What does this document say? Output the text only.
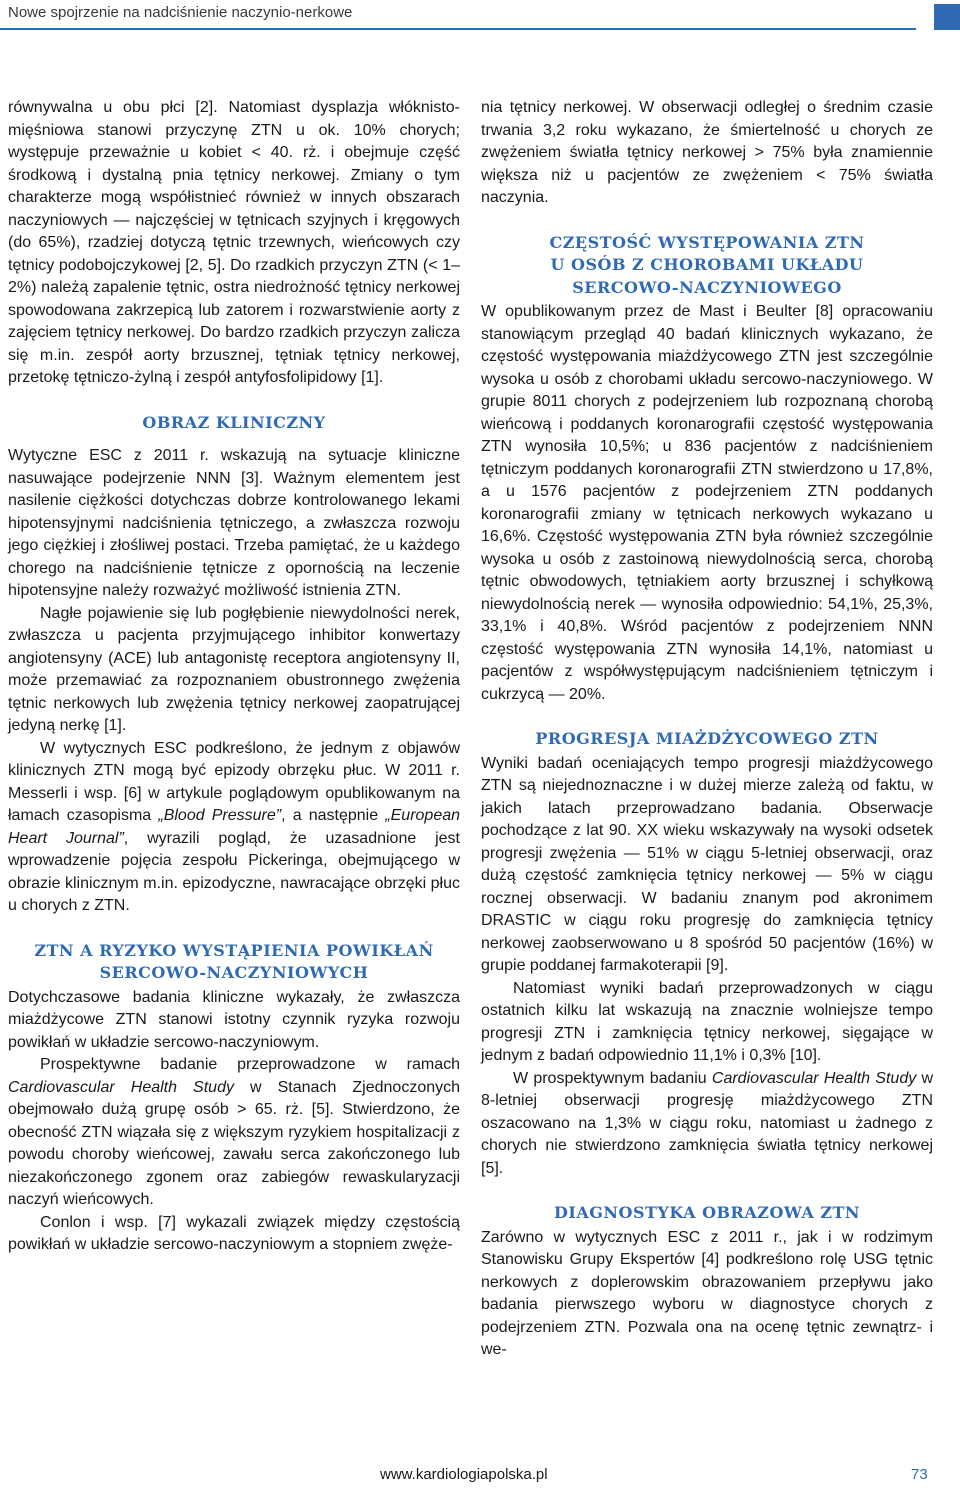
Nowe spojrzenie na nadciśnienie naczynio-nerkowe

równywalna u obu płci [2]. Natomiast dysplazja włóknisto-mięśniowa stanowi przyczynę ZTN u ok. 10% chorych; występuje przeważnie u kobiet < 40. rż. i obejmuje część środkową i dystalną pnia tętnicy nerkowej. Zmiany o tym charakterze mogą współistnieć również w innych obszarach naczyniowych — najczęściej w tętnicach szyjnych i kręgowych (do 65%), rzadziej dotyczą tętnic trzewnych, wieńcowych czy tętnicy podobojczykowej [2, 5]. Do rzadkich przyczyn ZTN (< 1–2%) należą zapalenie tętnic, ostra niedrożność tętnicy nerkowej spowodowana zakrzepicą lub zatorem i rozwarstwienie aorty z zajęciem tętnicy nerkowej. Do bardzo rzadkich przyczyn zalicza się m.in. zespół aorty brzusznej, tętniak tętnicy nerkowej, przetokę tętniczo-żylną i zespół antyfosfolipidowy [1].

OBRAZ KLINICZNY

Wytyczne ESC z 2011 r. wskazują na sytuacje kliniczne nasuwające podejrzenie NNN [3]. Ważnym elementem jest nasilenie ciężkości dotychczas dobrze kontrolowanego lekami hipotensyjnymi nadciśnienia tętniczego, a zwłaszcza rozwoju jego ciężkiej i złośliwej postaci. Trzeba pamiętać, że u każdego chorego na nadciśnienie tętnicze z opornością na leczenie hipotensyjne należy rozważyć możliwość istnienia ZTN.

Nagłe pojawienie się lub pogłębienie niewydolności nerek, zwłaszcza u pacjenta przyjmującego inhibitor konwertazy angiotensyny (ACE) lub antagonistę receptora angiotensyny II, może przemawiać za rozpoznaniem obustronnego zwężenia tętnic nerkowych lub zwężenia tętnicy nerkowej zaopatrującej jedyną nerkę [1].

W wytycznych ESC podkreślono, że jednym z objawów klinicznych ZTN mogą być epizody obrzęku płuc. W 2011 r. Messerli i wsp. [6] w artykule poglądowym opublikowanym na łamach czasopisma „Blood Pressure”, a następnie „European Heart Journal”, wyrazili pogląd, że uzasadnione jest wprowadzenie pojęcia zespołu Pickeringa, obejmującego w obrazie klinicznym m.in. epizodyczne, nawracające obrzęki płuc u chorych z ZTN.

ZTN A RYZYKO WYSTĄPIENIA POWIKŁAŃ
SERCOWO-NACZYNIOWYCH

Dotychczasowe badania kliniczne wykazały, że zwłaszcza miażdżycowe ZTN stanowi istotny czynnik ryzyka rozwoju powikłań w układzie sercowo-naczyniowym.

Prospektywne badanie przeprowadzone w ramach Cardiovascular Health Study w Stanach Zjednoczonych obejmowało dużą grupę osób > 65. rż. [5]. Stwierdzono, że obecność ZTN wiązała się z większym ryzykiem hospitalizacji z powodu choroby wieńcowej, zawału serca zakończonego lub niezakończonego zgonem oraz zabiegów rewaskularyzacji naczyń wieńcowych.

Conlon i wsp. [7] wykazali związek między częstością powikłań w układzie sercowo-naczyniowym a stopniem zwęże-

nia tętnicy nerkowej. W obserwacji odległej o średnim czasie trwania 3,2 roku wykazano, że śmiertelność u chorych ze zwężeniem światła tętnicy nerkowej > 75% była znamiennie większa niż u pacjentów ze zwężeniem < 75% światła naczynia.

CZĘSTOŚĆ WYSTĘPOWANIA ZTN
U OSÓB Z CHOROBAMI UKŁADU
SERCOWO-NACZYNIOWEGO

W opublikowanym przez de Mast i Beulter [8] opracowaniu stanowiącym przegląd 40 badań klinicznych wykazano, że częstość występowania miażdżycowego ZTN jest szczególnie wysoka u osób z chorobami układu sercowo-naczyniowego. W grupie 8011 chorych z podejrzeniem lub rozpoznaną chorobą wieńcową i poddanych koronarografii częstość występowania ZTN wynosiła 10,5%; u 836 pacjentów z nadciśnieniem tętniczym poddanych koronarografii ZTN stwierdzono u 17,8%, a u 1576 pacjentów z podejrzeniem ZTN poddanych koronarografii zmiany w tętnicach nerkowych wykazano u 16,6%. Częstość występowania ZTN była również szczególnie wysoka u osób z zastoinową niewydolnością serca, chorobą tętnic obwodowych, tętniakiem aorty brzusznej i schyłkową niewydolnością nerek — wynosiła odpowiednio: 54,1%, 25,3%, 33,1% i 40,8%. Wśród pacjentów z podejrzeniem NNN częstość występowania ZTN wynosiła 14,1%, natomiast u pacjentów z współwystępującym nadciśnieniem tętniczym i cukrzycą — 20%.

PROGRESJA MIAŻDŻYCOWEGO ZTN

Wyniki badań oceniających tempo progresji miażdżycowego ZTN są niejednoznaczne i w dużej mierze zależą od faktu, w jakich latach przeprowadzano badania. Obserwacje pochodzące z lat 90. XX wieku wskazywały na wysoki odsetek progresji zwężenia — 51% w ciągu 5-letniej obserwacji, oraz dużą częstość zamknięcia tętnicy nerkowej — 5% w ciągu rocznej obserwacji. W badaniu znanym pod akronimem DRASTIC w ciągu roku progresję do zamknięcia tętnicy nerkowej zaobserwowano u 8 spośród 50 pacjentów (16%) w grupie poddanej farmakoterapii [9].

Natomiast wyniki badań przeprowadzonych w ciągu ostatnich kilku lat wskazują na znacznie wolniejsze tempo progresji ZTN i zamknięcia tętnicy nerkowej, sięgające w jednym z badań odpowiednio 11,1% i 0,3% [10].

W prospektywnym badaniu Cardiovascular Health Study w 8-letniej obserwacji progresję miażdżycowego ZTN oszacowano na 1,3% w ciągu roku, natomiast u żadnego z chorych nie stwierdzono zamknięcia światła tętnicy nerkowej [5].

DIAGNOSTYKA OBRAZOWA ZTN

Zarówno w wytycznych ESC z 2011 r., jak i w rodzimym Stanowisku Grupy Ekspertów [4] podkreślono rolę USG tętnic nerkowych z doplerowskim obrazowaniem przepływu jako badania pierwszego wyboru w diagnostyce chorych z podejrzeniem ZTN. Pozwala ona na ocenę tętnic zewnątrz- i we-

www.kardiologiapolska.pl	73
